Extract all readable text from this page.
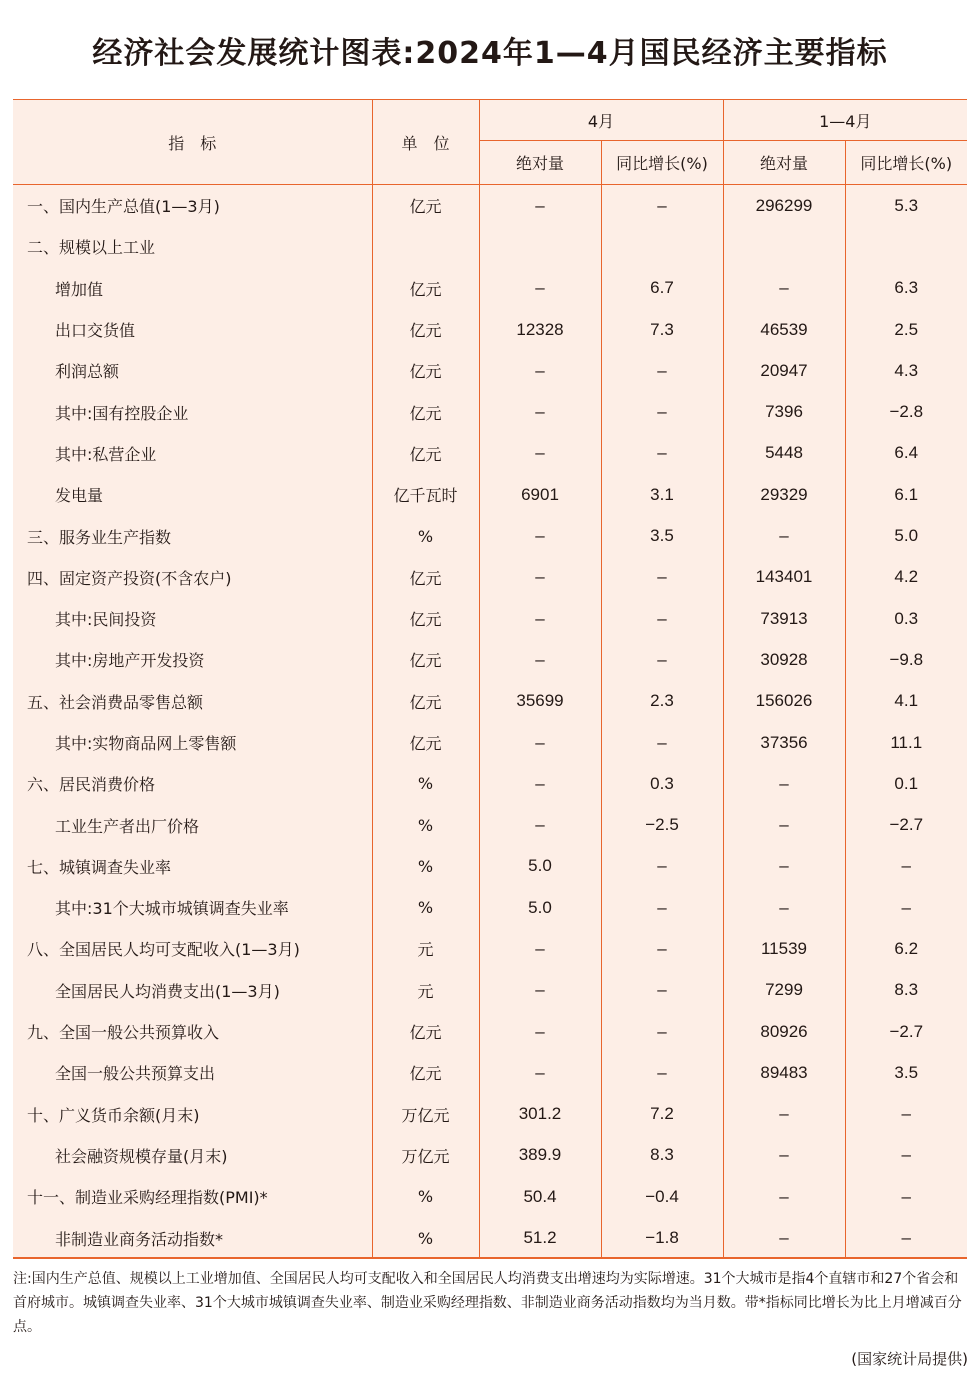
经济社会发展统计图表:2024年1—4月国民经济主要指标
指　标	单　位	4月		1—4月	
		绝对量	同比增长(%)	绝对量	同比增长(%)
一、国内生产总值(1—3月)	亿元	–	–	296299	5.3
二、规模以上工业					
增加值	亿元	–	6.7	–	6.3
出口交货值	亿元	12328	7.3	46539	2.5
利润总额	亿元	–	–	20947	4.3
其中:国有控股企业	亿元	–	–	7396	−2.8
其中:私营企业	亿元	–	–	5448	6.4
发电量	亿千瓦时	6901	3.1	29329	6.1
三、服务业生产指数	%	–	3.5	–	5.0
四、固定资产投资(不含农户)	亿元	–	–	143401	4.2
其中:民间投资	亿元	–	–	73913	0.3
其中:房地产开发投资	亿元	–	–	30928	−9.8
五、社会消费品零售总额	亿元	35699	2.3	156026	4.1
其中:实物商品网上零售额	亿元	–	–	37356	11.1
六、居民消费价格	%	–	0.3	–	0.1
工业生产者出厂价格	%	–	−2.5	–	−2.7
七、城镇调查失业率	%	5.0	–	–	–
其中:31个大城市城镇调查失业率	%	5.0	–	–	–
八、全国居民人均可支配收入(1—3月)	元	–	–	11539	6.2
全国居民人均消费支出(1—3月)	元	–	–	7299	8.3
九、全国一般公共预算收入	亿元	–	–	80926	−2.7
全国一般公共预算支出	亿元	–	–	89483	3.5
十、广义货币余额(月末)	万亿元	301.2	7.2	–	–
社会融资规模存量(月末)	万亿元	389.9	8.3	–	–
十一、制造业采购经理指数(PMI)*	%	50.4	−0.4	–	–
非制造业商务活动指数*	%	51.2	−1.8	–	–
注:国内生产总值、规模以上工业增加值、全国居民人均可支配收入和全国居民人均消费支出增速均为实际增速。31个大城市是指4个直辖市和27个省会和首府城市。城镇调查失业率、31个大城市城镇调查失业率、制造业采购经理指数、非制造业商务活动指数均为当月数。带*指标同比增长为比上月增减百分点。
(国家统计局提供)
